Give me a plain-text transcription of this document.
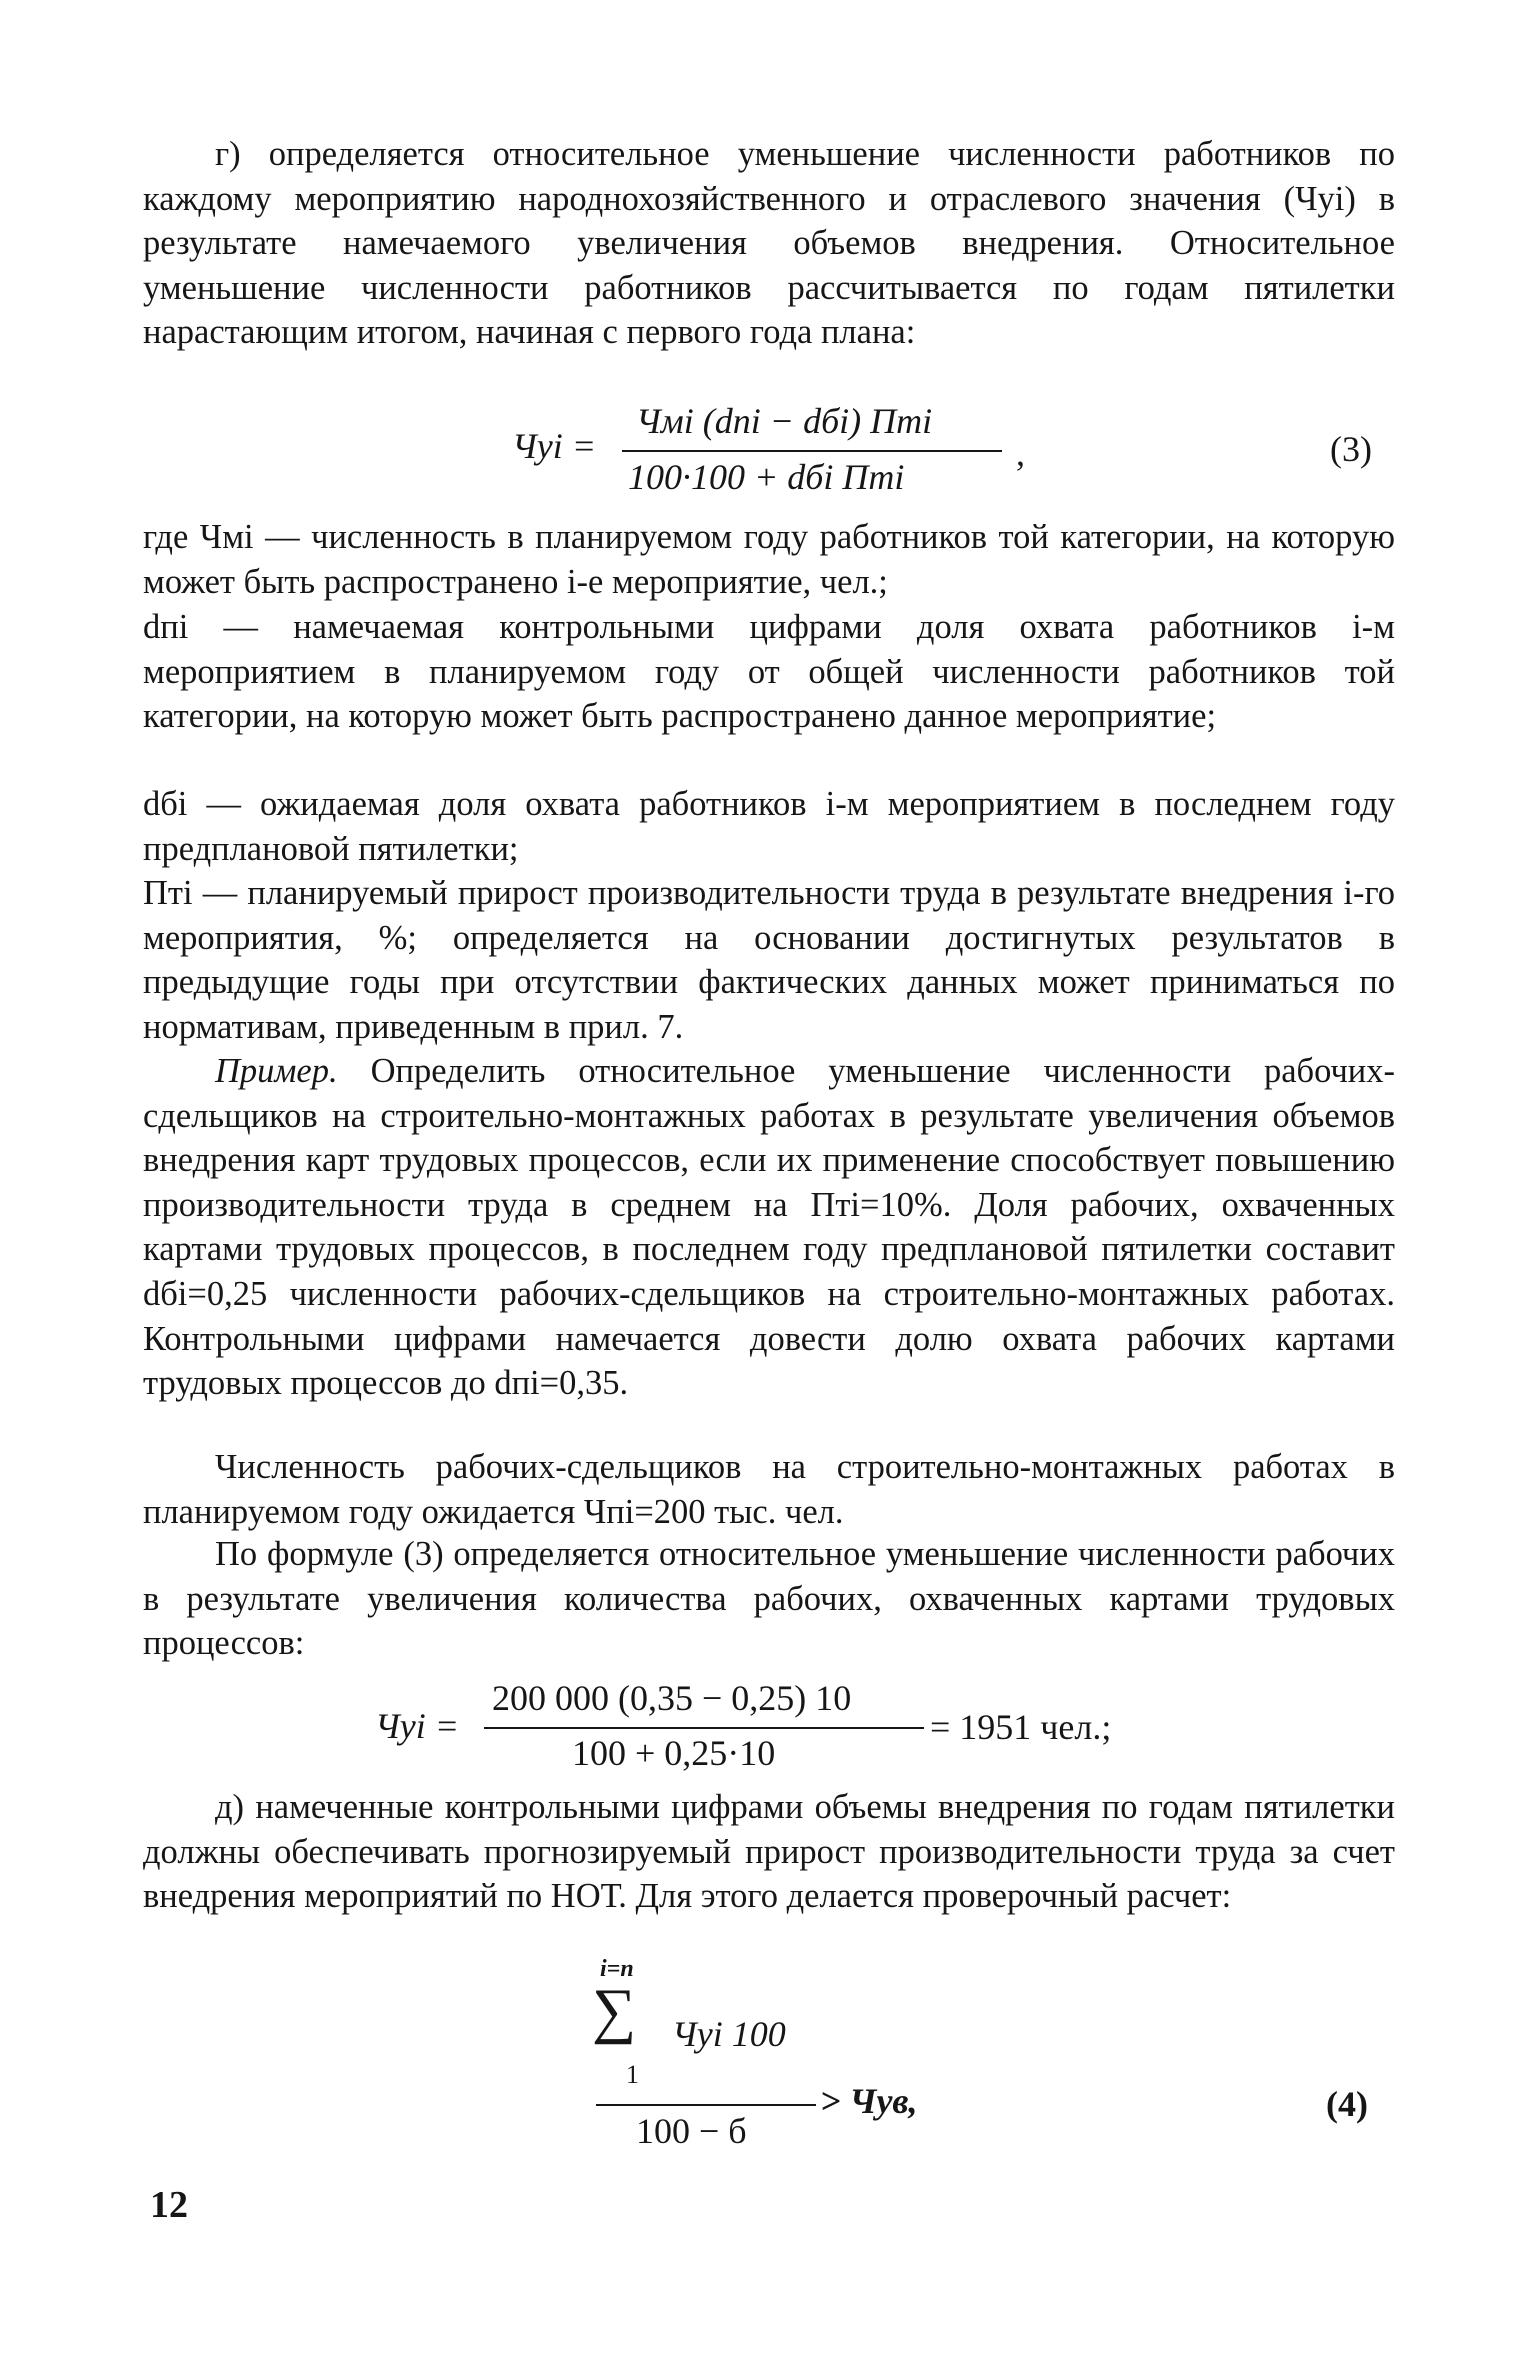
г) определяется относительное уменьшение численности работников по каждому мероприятию народнохозяйственного и отраслевого значения (Чуi) в результате намечаемого увеличения объемов внедрения. Относительное уменьшение численности работников рассчитывается по годам пятилетки нарастающим итогом, начиная с первого года плана:

Чуi =
Чмi (dпi − dбi) Птi
100·100 + dбi Птi
,	(3)

где Чмi — численность в планируемом году работников той категории, на которую может быть распространено i-е мероприятие, чел.;

dпi — намечаемая контрольными цифрами доля охвата работников i-м мероприятием в планируемом году от общей численности работников той категории, на которую может быть распространено данное мероприятие;

dбi — ожидаемая доля охвата работников i-м мероприятием в последнем году предплановой пятилетки;

Птi — планируемый прирост производительности труда в результате внедрения i-го мероприятия, %; определяется на основании достигнутых результатов в предыдущие годы при отсутствии фактических данных может приниматься по нормативам, приведенным в прил. 7.

Пример. Определить относительное уменьшение численности рабочих-сдельщиков на строительно-монтажных работах в результате увеличения объемов внедрения карт трудовых процессов, если их применение способствует повышению производительности труда в среднем на Птi=10%. Доля рабочих, охваченных картами трудовых процессов, в последнем году предплановой пятилетки составит dбi=0,25 численности рабочих-сдельщиков на строительно-монтажных работах. Контрольными цифрами намечается довести долю охвата рабочих картами трудовых процессов до dпi=0,35.

Численность рабочих-сдельщиков на строительно-монтажных работах в планируемом году ожидается Чпi=200 тыс. чел.

По формуле (3) определяется относительное уменьшение численности рабочих в результате увеличения количества рабочих, охваченных картами трудовых процессов:

Чуi =
200 000 (0,35 − 0,25) 10
100 + 0,25·10
= 1951 чел.;

д) намеченные контрольными цифрами объемы внедрения по годам пятилетки должны обеспечивать прогнозируемый прирост производительности труда за счет внедрения мероприятий по НОТ. Для этого делается проверочный расчет:

i=n
∑ Чуi 100
1
100 − б
> Чув,	(4)
12
